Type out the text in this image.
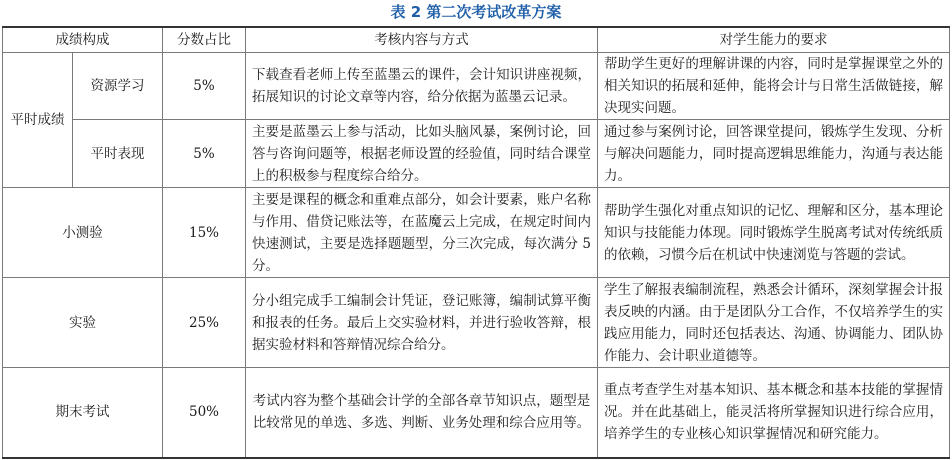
表 2 第二次考试改革方案
成绩构成		分数占比	考核内容与方式	对学生能力的要求
平时成绩	资源学习	5%	下载查看老师上传至蓝墨云的课件，会计知识讲座视频，拓展知识的讨论文章等内容，给分依据为蓝墨云记录。	帮助学生更好的理解讲课的内容，同时是掌握课堂之外的相关知识的拓展和延伸，能将会计与日常生活做链接，解决现实问题。
	平时表现	5%	主要是蓝墨云上参与活动，比如头脑风暴，案例讨论，回答与咨询问题等，根据老师设置的经验值，同时结合课堂上的积极参与程度综合给分。	通过参与案例讨论，回答课堂提问，锻炼学生发现、分析与解决问题能力，同时提高逻辑思维能力，沟通与表达能力。
小测验		15%	主要是课程的概念和重难点部分，如会计要素，账户名称与作用、借贷记账法等，在蓝魔云上完成，在规定时间内快速测试，主要是选择题题型，分三次完成，每次满分 5 分。	帮助学生强化对重点知识的记忆、理解和区分，基本理论知识与技能能力体现。同时锻炼学生脱离考试对传统纸质的依赖，习惯今后在机试中快速浏览与答题的尝试。
实验		25%	分小组完成手工编制会计凭证，登记账簿，编制试算平衡和报表的任务。最后上交实验材料，并进行验收答辩，根据实验材料和答辩情况综合给分。	学生了解报表编制流程，熟悉会计循环，深刻掌握会计报表反映的内涵。由于是团队分工合作，不仅培养学生的实践应用能力，同时还包括表达、沟通、协调能力、团队协作能力、会计职业道德等。
期末考试		50%	考试内容为整个基础会计学的全部各章节知识点，题型是比较常见的单选、多选、判断、业务处理和综合应用等。	重点考查学生对基本知识、基本概念和基本技能的掌握情况。并在此基础上，能灵活将所掌握知识进行综合应用，培养学生的专业核心知识掌握情况和研究能力。
